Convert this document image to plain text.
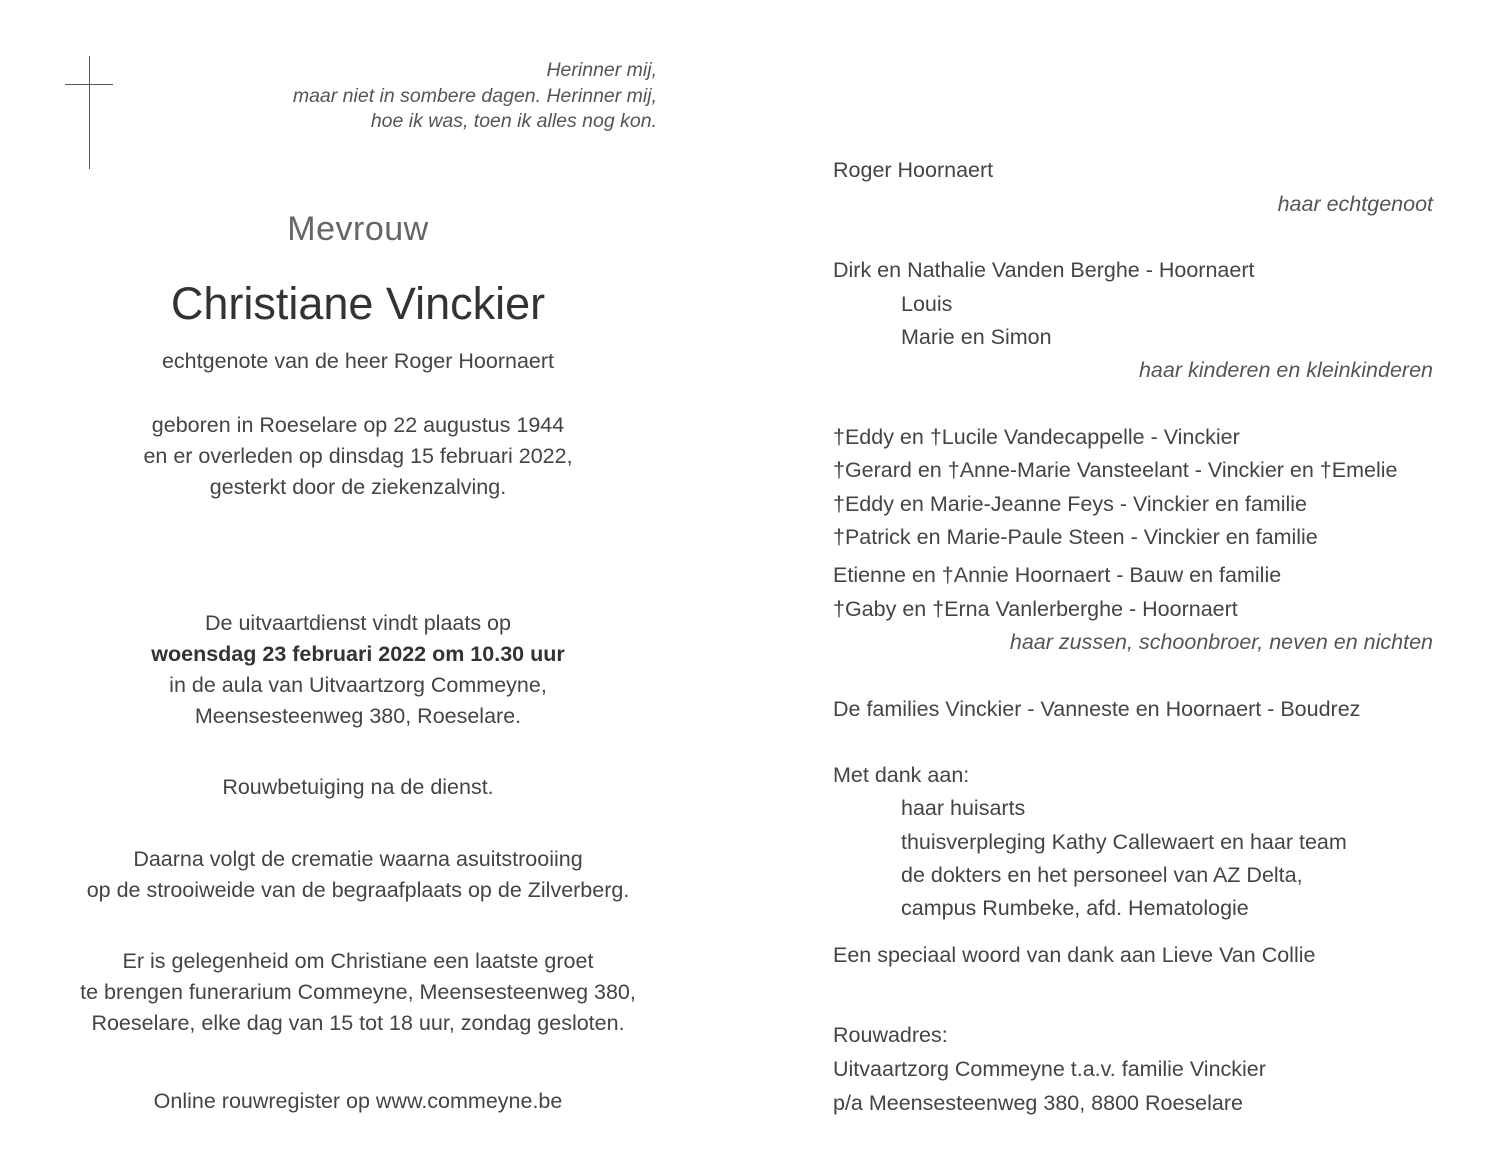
Herinner mij,
maar niet in sombere dagen. Herinner mij,
hoe ik was, toen ik alles nog kon.
Mevrouw
Christiane Vinckier
echtgenote van de heer Roger Hoornaert
geboren in Roeselare op 22 augustus 1944
en er overleden op dinsdag 15 februari 2022,
gesterkt door de ziekenzalving.
De uitvaartdienst vindt plaats op
woensdag 23 februari 2022 om 10.30 uur
in de aula van Uitvaartzorg Commeyne,
Meensesteenweg 380, Roeselare.
Rouwbetuiging na de dienst.
Daarna volgt de crematie waarna asuitstrooiing
op de strooiweide van de begraafplaats op de Zilverberg.
Er is gelegenheid om Christiane een laatste groet
te brengen funerarium Commeyne, Meensesteenweg 380,
Roeselare, elke dag van 15 tot 18 uur, zondag gesloten.
Online rouwregister op www.commeyne.be
Roger Hoornaert
haar echtgenoot
Dirk en Nathalie Vanden Berghe - Hoornaert
Louis
Marie en Simon
haar kinderen en kleinkinderen
†Eddy en †Lucile Vandecappelle - Vinckier
†Gerard en †Anne-Marie Vansteelant - Vinckier en †Emelie
†Eddy en Marie-Jeanne Feys - Vinckier en familie
†Patrick en Marie-Paule Steen - Vinckier en familie
Etienne en †Annie Hoornaert - Bauw en familie
†Gaby en †Erna Vanlerberghe - Hoornaert
haar zussen, schoonbroer, neven en nichten
De families Vinckier - Vanneste en Hoornaert - Boudrez
Met dank aan:
haar huisarts
thuisverpleging Kathy Callewaert en haar team
de dokters en het personeel van AZ Delta,
campus Rumbeke, afd. Hematologie
Een speciaal woord van dank aan Lieve Van Collie
Rouwadres:
Uitvaartzorg Commeyne t.a.v. familie Vinckier
p/a Meensesteenweg 380, 8800 Roeselare
